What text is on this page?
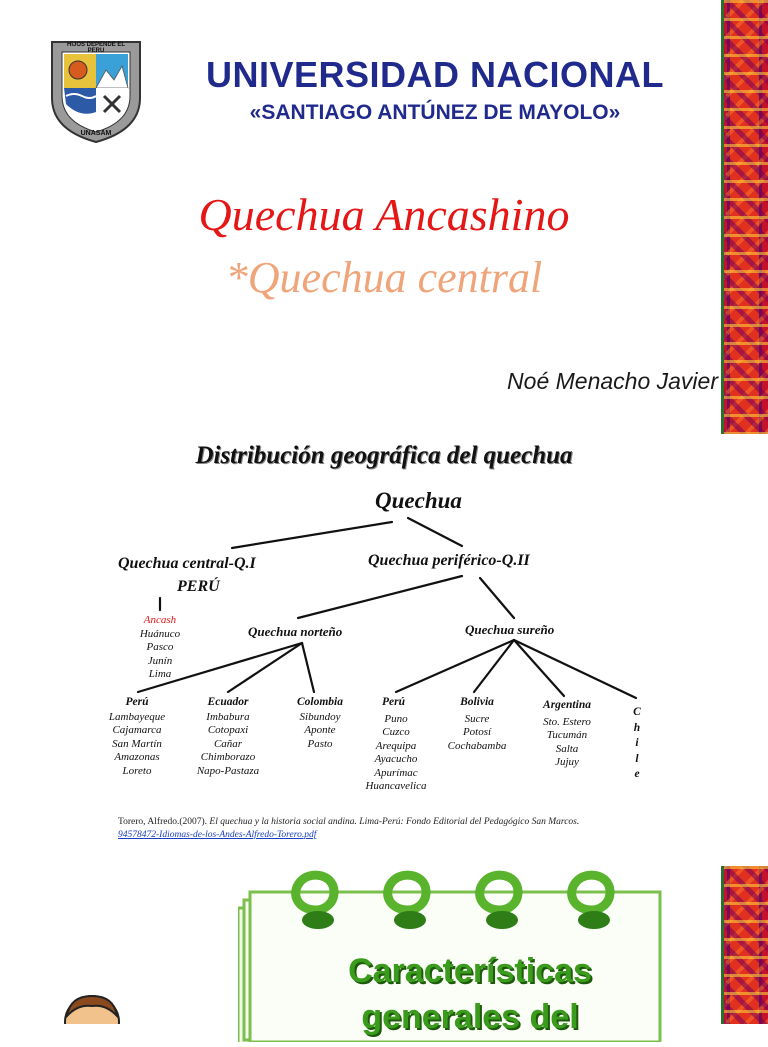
HIJOS DEPENDE EL PERU
UNASAM
UNIVERSIDAD NACIONAL
«SANTIAGO ANTÚNEZ DE MAYOLO»
Quechua Ancashino
*Quechua central
Noé Menacho Javier
Distribución geográfica del quechua
Quechua
Quechua central-Q.I
PERÚ
Quechua periférico-Q.II
Quechua norteño	Quechua sureño
Ancash
Huánuco
Pasco
Junín
Lima
Perú
Lambayeque
Cajamarca
San Martín
Amazonas
Loreto
Ecuador
Imbabura
Cotopaxi
Cañar
Chimborazo
Napo-Pastaza
Colombia
Sibundoy
Aponte
Pasto
Perú
Puno
Cuzco
Arequipa
Ayacucho
Apurímac
Huancavelica
Bolivia
Sucre
Potosí
Cochabamba
Argentina
Sto. Estero
Tucumán
Salta
Jujuy
C
h
i
l
e
Torero, Alfredo.(2007). El quechua y la historia social andina. Lima-Perú: Fondo Editorial del Pedagógico San Marcos.
94578472-Idiomas-de-los-Andes-Alfredo-Torero.pdf
Características
generales del
